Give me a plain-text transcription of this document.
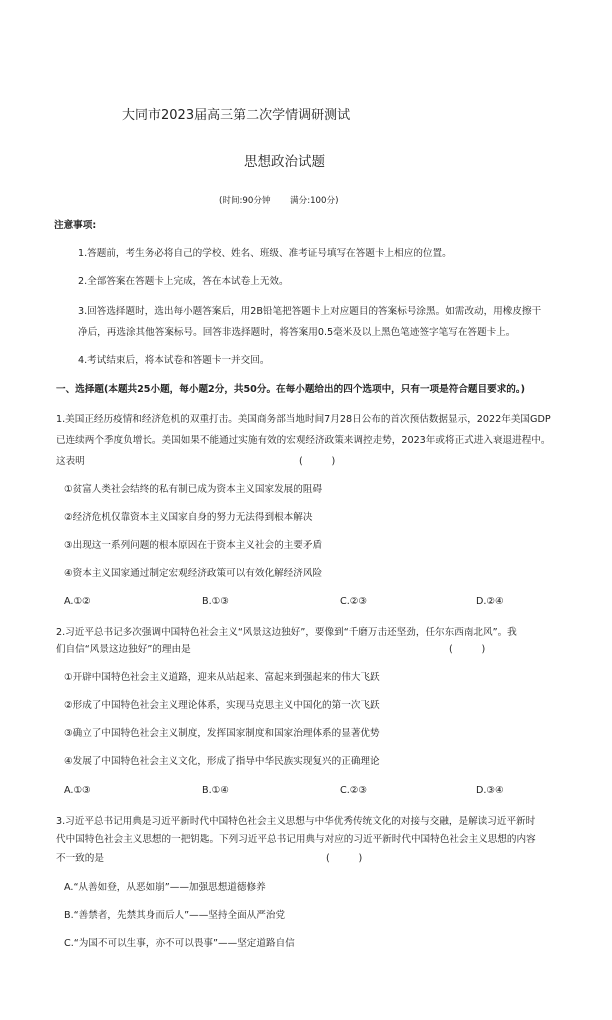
大同市2023届高三第二次学情调研测试
思想政治试题
(时间:90分钟 满分:100分)
注意事项:
1.答题前，考生务必将自己的学校、姓名、班级、准考证号填写在答题卡上相应的位置。
2.全部答案在答题卡上完成，答在本试卷上无效。
3.回答选择题时，选出每小题答案后，用2B铅笔把答题卡上对应题目的答案标号涂黑。如需改动，用橡皮擦干
净后，再选涂其他答案标号。回答非选择题时，将答案用0.5毫米及以上黑色笔迹签字笔写在答题卡上。
4.考试结束后，将本试卷和答题卡一并交回。
一、选择题(本题共25小题，每小题2分，共50分。在每小题给出的四个选项中，只有一项是符合题目要求的。)
1.美国正经历疫情和经济危机的双重打击。美国商务部当地时间7月28日公布的首次预估数据显示，2022年美国GDP
已连续两个季度负增长。美国如果不能通过实施有效的宏观经济政策来调控走势，2023年或将正式进入衰退进程中。
这表明	(　　　)
①贫富人类社会结终的私有制已成为资本主义国家发展的阻碍
②经济危机仅靠资本主义国家自身的努力无法得到根本解决
③出现这一系列问题的根本原因在于资本主义社会的主要矛盾
④资本主义国家通过制定宏观经济政策可以有效化解经济风险
A.①②	B.①③	C.②③	D.②④
2.习近平总书记多次强调中国特色社会主义“风景这边独好”，要像到“千磨万击还坚劲，任尔东西南北风”。我
们自信“风景这边独好”的理由是	(　　　)
①开辟中国特色社会主义道路，迎来从站起来、富起来到强起来的伟大飞跃
②形成了中国特色社会主义理论体系，实现马克思主义中国化的第一次飞跃
③确立了中国特色社会主义制度，发挥国家制度和国家治理体系的显著优势
④发展了中国特色社会主义文化，形成了指导中华民族实现复兴的正确理论
A.①③	B.①④	C.②③	D.③④
3.习近平总书记用典是习近平新时代中国特色社会主义思想与中华优秀传统文化的对接与交融，是解读习近平新时
代中国特色社会主义思想的一把钥匙。下列习近平总书记用典与对应的习近平新时代中国特色社会主义思想的内容
不一致的是	(　　　)
A.“从善如登，从恶如崩”——加强思想道德修养
B.“善禁者，先禁其身而后人”——坚持全面从严治党
C.“为国不可以生事，亦不可以畏事”——坚定道路自信
